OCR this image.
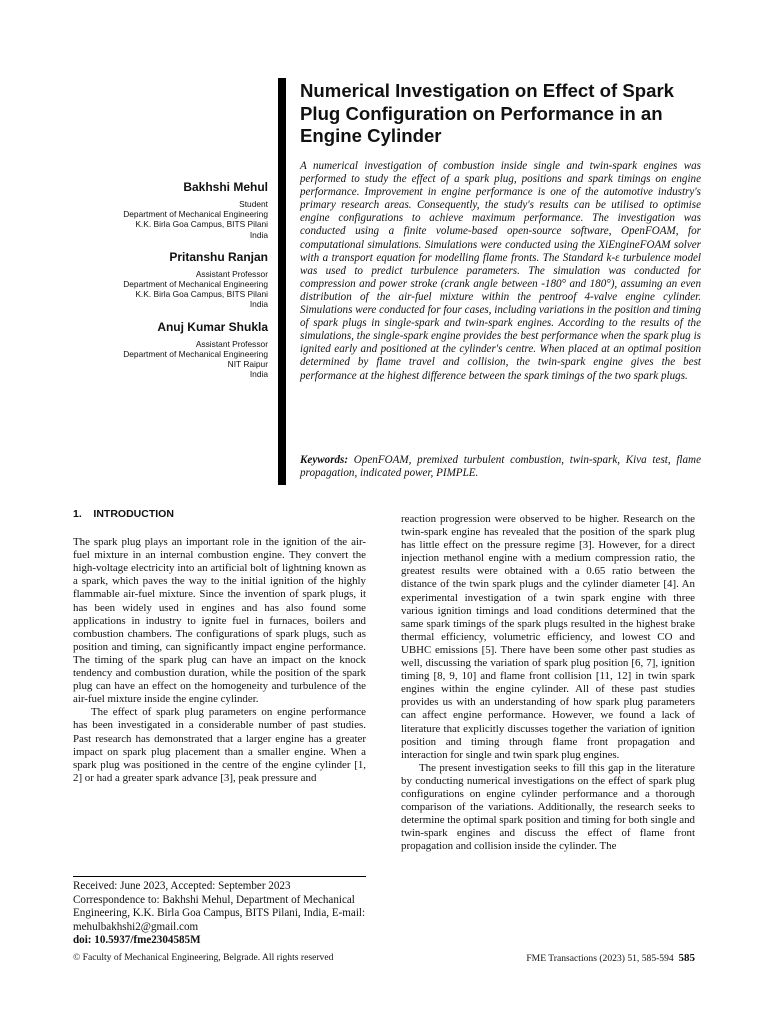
Numerical Investigation on Effect of Spark Plug Configuration on Performance in an Engine Cylinder

Bakhshi Mehul

Student

Department of Mechanical Engineering

K.K. Birla Goa Campus, BITS Pilani

India

Pritanshu Ranjan

Assistant Professor

Department of Mechanical Engineering

K.K. Birla Goa Campus, BITS Pilani

India

Anuj Kumar Shukla

Assistant Professor

Department of Mechanical Engineering

NIT Raipur

India

A numerical investigation of combustion inside single and twin-spark engines was performed to study the effect of a spark plug, positions and spark timings on engine performance. Improvement in engine performance is one of the automotive industry's primary research areas. Consequently, the study's results can be utilised to optimise engine configurations to achieve maximum performance. The investigation was conducted using a finite volume-based open-source software, OpenFOAM, for computational simulations. Simulations were conducted using the XiEngineFOAM solver with a transport equation for modelling flame fronts. The Standard k-ε turbulence model was used to predict turbulence parameters. The simulation was conducted for compression and power stroke (crank angle between -180° and 180°), assuming an even distribution of the air-fuel mixture within the pentroof 4-valve engine cylinder. Simulations were conducted for four cases, including variations in the position and timing of spark plugs in single-spark and twin-spark engines. According to the results of the simulations, the single-spark engine provides the best performance when the spark plug is ignited early and positioned at the cylinder's centre. When placed at an optimal position determined by flame travel and collision, the twin-spark engine gives the best performance at the highest difference between the spark timings of the two spark plugs.

Keywords: OpenFOAM, premixed turbulent combustion, twin-spark, Kiva test, flame propagation, indicated power, PIMPLE.

1.    INTRODUCTION

The spark plug plays an important role in the ignition of the air-fuel mixture in an internal combustion engine. They convert the high-voltage electricity into an artificial bolt of lightning known as a spark, which paves the way to the initial ignition of the highly flammable air-fuel mixture. Since the invention of spark plugs, it has been widely used in engines and has also found some applications in industry to ignite fuel in furnaces, boilers and combustion chambers. The configurations of spark plugs, such as position and timing, can significantly impact engine performance. The timing of the spark plug can have an impact on the knock tendency and combustion duration, while the position of the spark plug can have an effect on the homogeneity and turbulence of the air-fuel mixture inside the engine cylinder.

The effect of spark plug parameters on engine performance has been investigated in a considerable number of past studies. Past research has demonstrated that a larger engine has a greater impact on spark plug placement than a smaller engine. When a spark plug was positioned in the centre of the engine cylinder [1, 2] or had a greater spark advance [3], peak pressure and

reaction progression were observed to be higher. Research on the twin-spark engine has revealed that the position of the spark plug has little effect on the pressure regime [3]. However, for a direct injection methanol engine with a medium compression ratio, the greatest results were obtained with a 0.65 ratio between the distance of the twin spark plugs and the cylinder diameter [4]. An experimental investigation of a twin spark engine with three various ignition timings and load conditions determined that the same spark timings of the spark plugs resulted in the highest brake thermal efficiency, volumetric efficiency, and lowest CO and UBHC emissions [5]. There have been some other past studies as well, discussing the variation of spark plug position [6, 7], ignition timing [8, 9, 10] and flame front collision [11, 12] in twin spark engines within the engine cylinder. All of these past studies provides us with an understanding of how spark plug parameters can affect engine performance. However, we found a lack of literature that explicitly discusses together the variation of ignition position and timing through flame front propagation and interaction for single and twin spark plug engines.

The present investigation seeks to fill this gap in the literature by conducting numerical investigations on the effect of spark plug configurations on engine cylinder performance and a thorough comparison of the variations. Additionally, the research seeks to determine the optimal spark position and timing for both single and twin-spark engines and discuss the effect of flame front propagation and collision inside the cylinder. The

Received: June 2023, Accepted: September 2023

Correspondence to: Bakhshi Mehul, Department of Mechanical Engineering, K.K. Birla Goa Campus, BITS Pilani, India, E-mail: mehulbakhshi2@gmail.com

doi: 10.5937/fme2304585M

© Faculty of Mechanical Engineering, Belgrade. All rights reserved	FME Transactions (2023) 51, 585-594 585
